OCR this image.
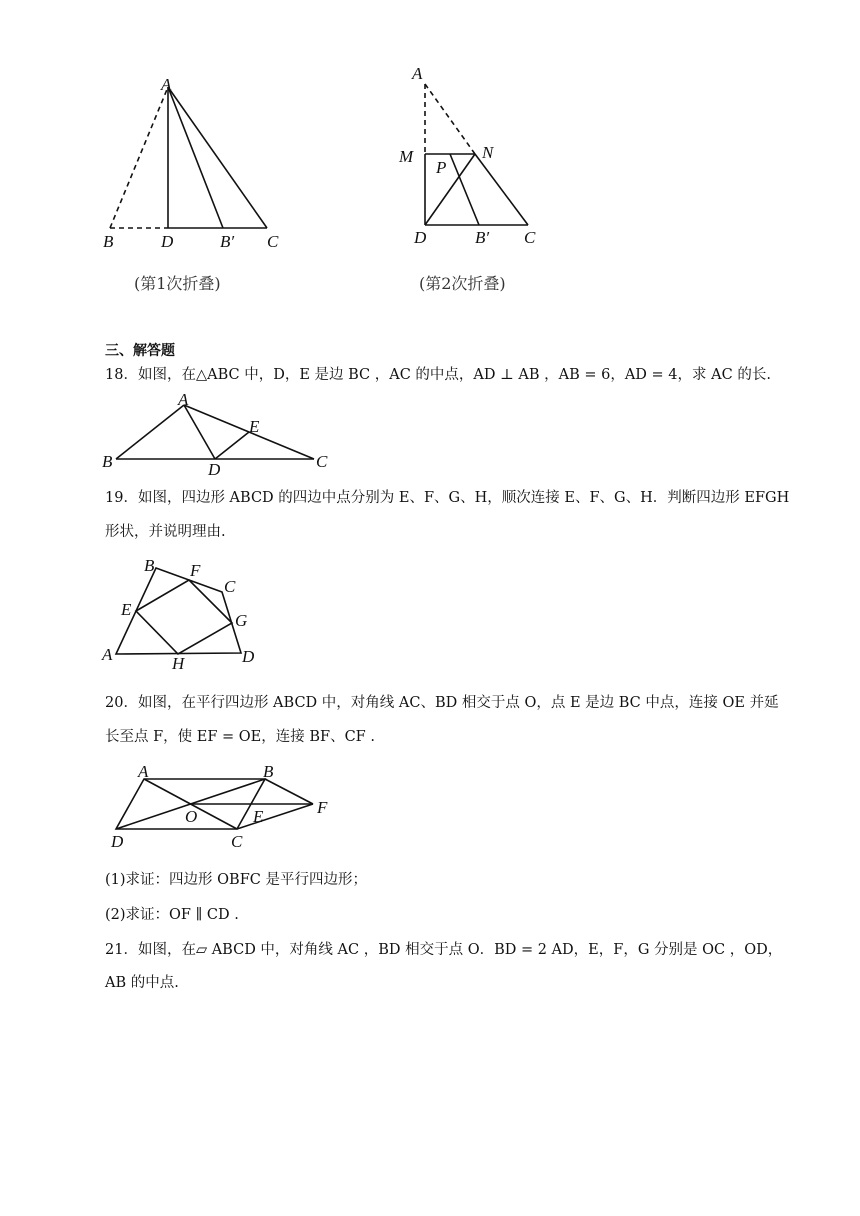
A
B	D	B′ C
(第1次折叠)
A
M	N
P
D	B′ C
(第2次折叠)
三、解答题
18．如图，在△ABC 中，D，E 是边 BC ，AC 的中点，AD ⊥ AB ，AB = 6，AD = 4，求 AC 的长.
A
E
B	D	C
19．如图，四边形 ABCD 的四边中点分别为 E、F、G、H，顺次连接 E、F、G、H．判断四边形 EFGH
形状，并说明理由.
B F
C
E
G
A	H	D
20．如图，在平行四边形 ABCD 中，对角线 AC、BD 相交于点 O，点 E 是边 BC 中点，连接 OE 并延
长至点 F，使 EF = OE，连接 BF、CF .
A	B
F
O	E
D	C
(1)求证：四边形 OBFC 是平行四边形；
(2)求证：OF ∥ CD .
21．如图，在▱ ABCD 中，对角线 AC ，BD 相交于点 O．BD = 2 AD，E，F，G 分别是 OC ，OD，
AB 的中点.
